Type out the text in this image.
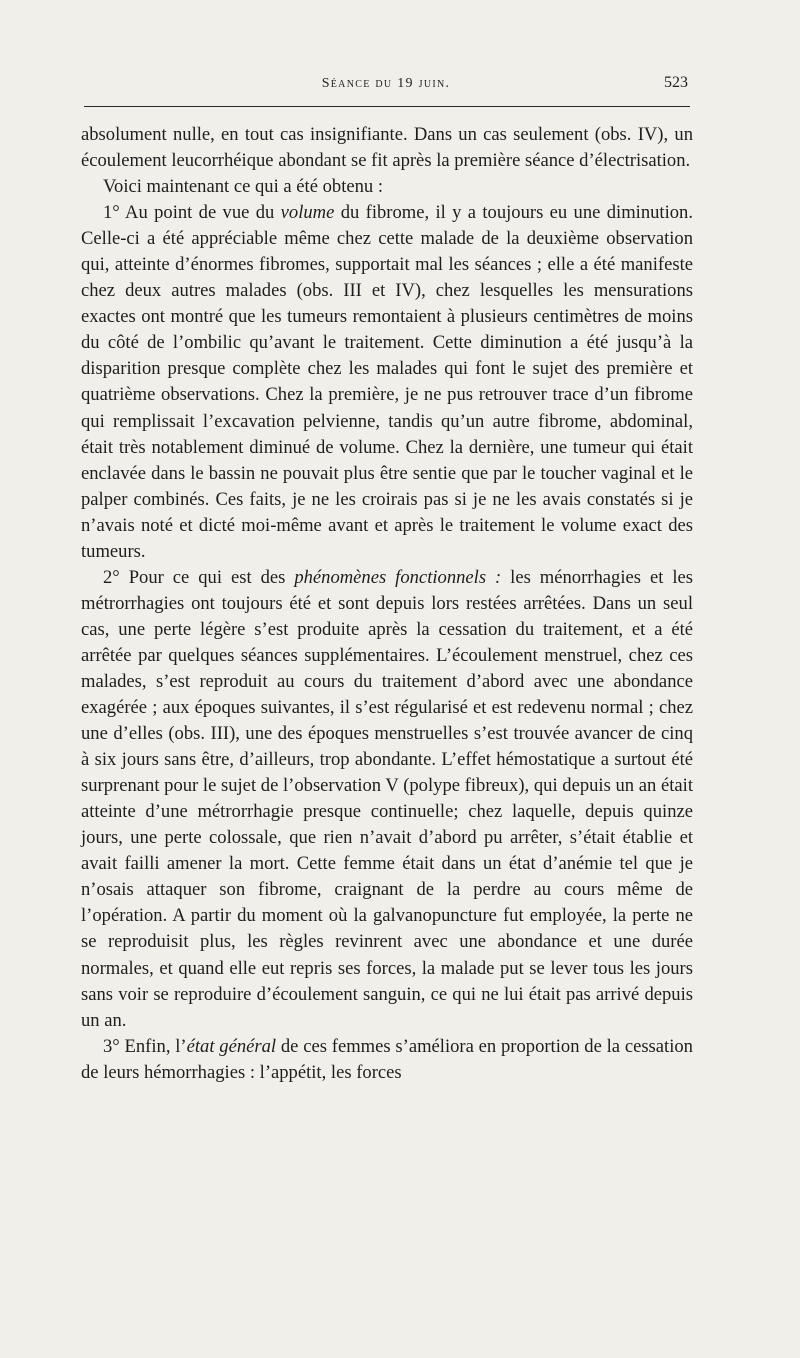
Séance du 19 juin.	523

absolument nulle, en tout cas insignifiante. Dans un cas seulement (obs. IV), un écoulement leucorrhéique abondant se fit après la première séance d’électrisation.

Voici maintenant ce qui a été obtenu :

1° Au point de vue du volume du fibrome, il y a toujours eu une diminution. Celle-ci a été appréciable même chez cette malade de la deuxième observation qui, atteinte d’énormes fibromes, supportait mal les séances ; elle a été manifeste chez deux autres malades (obs. III et IV), chez lesquelles les mensurations exactes ont montré que les tumeurs remontaient à plusieurs centimètres de moins du côté de l’ombilic qu’avant le traitement. Cette diminution a été jusqu’à la disparition presque complète chez les malades qui font le sujet des première et quatrième observations. Chez la première, je ne pus retrouver trace d’un fibrome qui remplissait l’excavation pelvienne, tandis qu’un autre fibrome, abdominal, était très notablement diminué de volume. Chez la dernière, une tumeur qui était enclavée dans le bassin ne pouvait plus être sentie que par le toucher vaginal et le palper combinés. Ces faits, je ne les croirais pas si je ne les avais constatés si je n’avais noté et dicté moi-même avant et après le traitement le volume exact des tumeurs.

2° Pour ce qui est des phénomènes fonctionnels : les ménorrhagies et les métrorrhagies ont toujours été et sont depuis lors restées arrêtées. Dans un seul cas, une perte légère s’est produite après la cessation du traitement, et a été arrêtée par quelques séances supplémentaires. L’écoulement menstruel, chez ces malades, s’est reproduit au cours du traitement d’abord avec une abondance exagérée ; aux époques suivantes, il s’est régularisé et est redevenu normal ; chez une d’elles (obs. III), une des époques menstruelles s’est trouvée avancer de cinq à six jours sans être, d’ailleurs, trop abondante. L’effet hémostatique a surtout été surprenant pour le sujet de l’observation V (polype fibreux), qui depuis un an était atteinte d’une métrorrhagie presque continuelle; chez laquelle, depuis quinze jours, une perte colossale, que rien n’avait d’abord pu arrêter, s’était établie et avait failli amener la mort. Cette femme était dans un état d’anémie tel que je n’osais attaquer son fibrome, craignant de la perdre au cours même de l’opération. A partir du moment où la galvanopuncture fut employée, la perte ne se reproduisit plus, les règles revinrent avec une abondance et une durée normales, et quand elle eut repris ses forces, la malade put se lever tous les jours sans voir se reproduire d’écoulement sanguin, ce qui ne lui était pas arrivé depuis un an.

3° Enfin, l’état général de ces femmes s’améliora en proportion de la cessation de leurs hémorrhagies : l’appétit, les forces
